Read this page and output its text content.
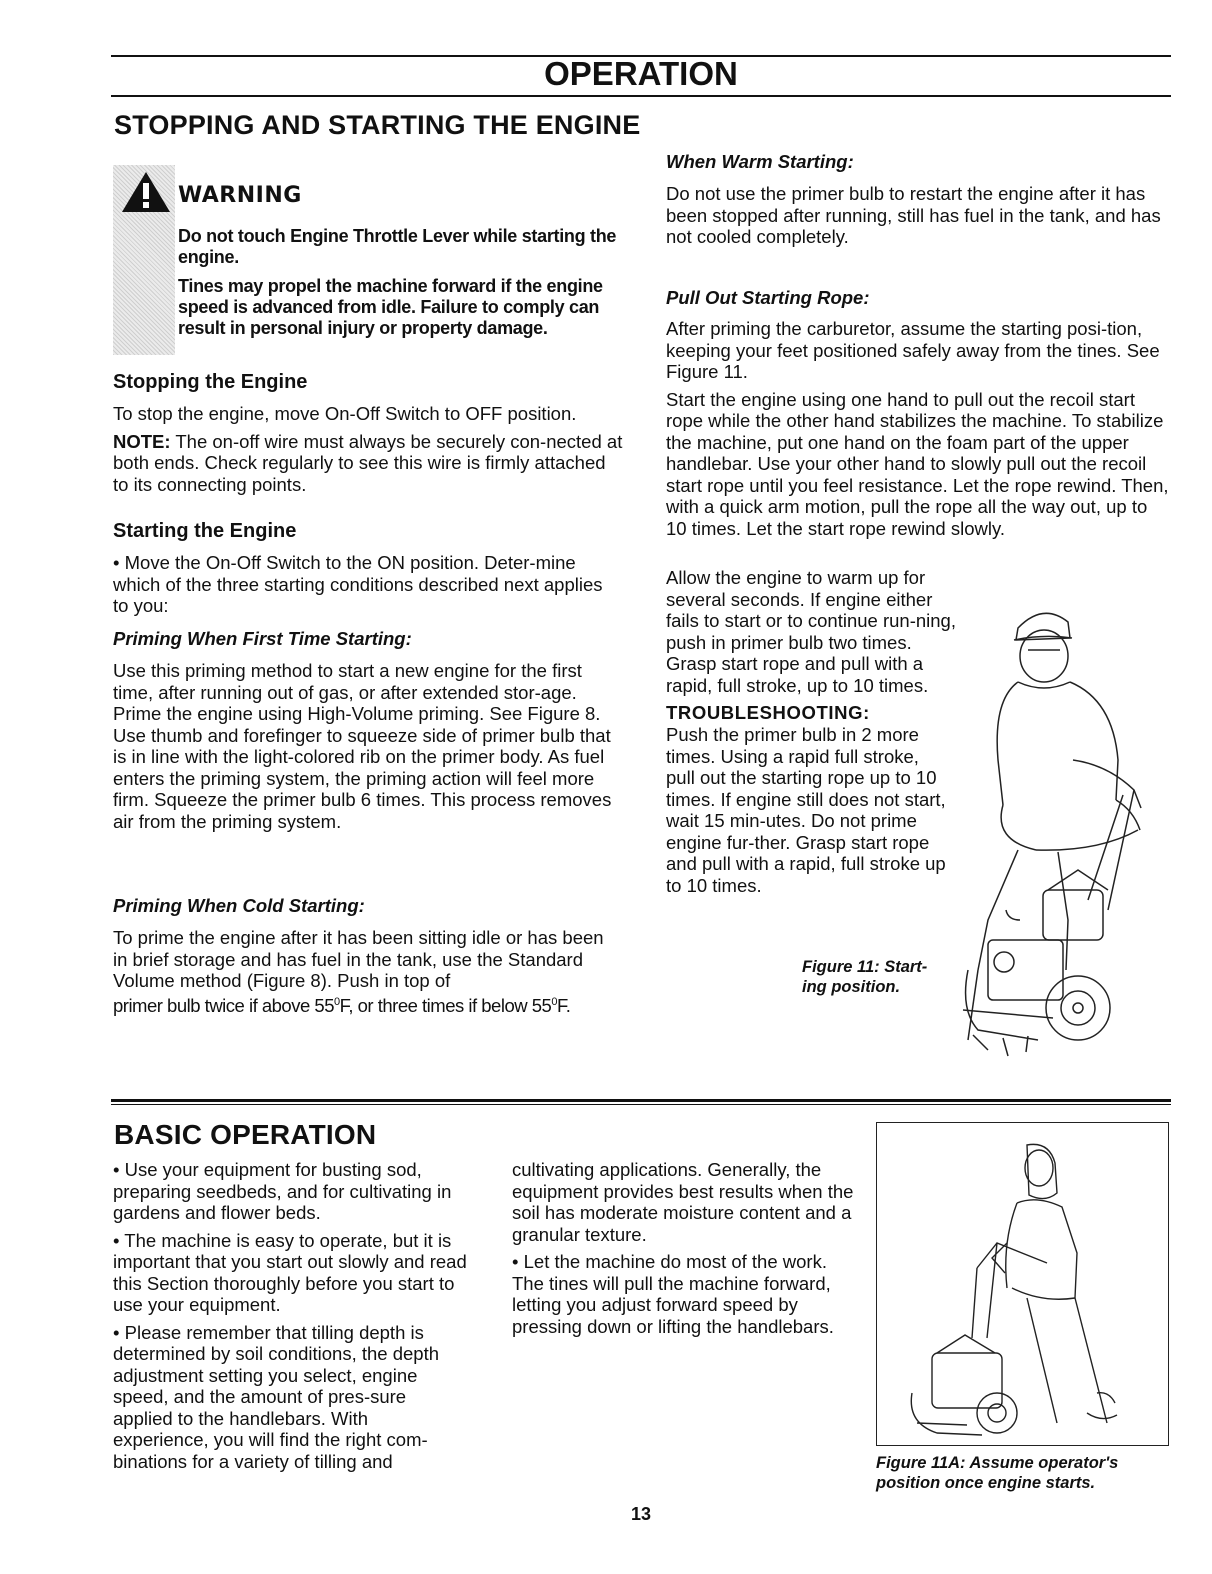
OPERATION
STOPPING AND STARTING THE ENGINE
WARNING

Do not touch Engine Throttle Lever while starting the engine.

Tines may propel the machine forward if the engine speed is advanced from idle. Failure to comply can result in personal injury or property damage.

Stopping the Engine

To stop the engine, move On-Off Switch to OFF position.

NOTE: The on-off wire must always be securely con-nected at both ends. Check regularly to see this wire is firmly attached to its connecting points.

Starting the Engine

• Move the On-Off Switch to the ON position. Deter-mine which of the three starting conditions described next applies to you:

Priming When First Time Starting:

Use this priming method to start a new engine for the first time, after running out of gas, or after extended stor-age. Prime the engine using High-Volume priming. See Figure 8. Use thumb and forefinger to squeeze side of primer bulb that is in line with the light-colored rib on the primer body. As fuel enters the priming system, the priming action will feel more firm. Squeeze the primer bulb 6 times. This process removes air from the priming system.

Priming When Cold Starting:

To prime the engine after it has been sitting idle or has been in brief storage and has fuel in the tank, use the Standard Volume method (Figure 8). Push in top of primer bulb twice if above $55^0F$, or three times if below $55^0F$.

When Warm Starting:

Do not use the primer bulb to restart the engine after it has been stopped after running, still has fuel in the tank, and has not cooled completely.

Pull Out Starting Rope:

After priming the carburetor, assume the starting posi-tion, keeping your feet positioned safely away from the tines. See Figure 11.

Start the engine using one hand to pull out the recoil start rope while the other hand stabilizes the machine. To stabilize the machine, put one hand on the foam part of the upper handlebar. Use your other hand to slowly pull out the recoil start rope until you feel resistance. Let the rope rewind. Then, with a quick arm motion, pull the rope all the way out, up to 10 times. Let the start rope rewind slowly.

Allow the engine to warm up for several seconds. If engine either fails to start or to continue run-ning, push in primer bulb two times. Grasp start rope and pull with a rapid, full stroke, up to 10 times.

TROUBLESHOOTING:

Push the primer bulb in 2 more times. Using a rapid full stroke, pull out the starting rope up to 10 times. If engine still does not start, wait 15 min-utes. Do not prime engine fur-ther. Grasp start rope and pull with a rapid, full stroke up to 10 times.

Figure 11: Start-ing position.
BASIC OPERATION

• Use your equipment for busting sod, preparing seedbeds, and for cultivating in gardens and flower beds.

• The machine is easy to operate, but it is important that you start out slowly and read this Section thoroughly before you start to use your equipment.

• Please remember that tilling depth is determined by soil conditions, the depth adjustment setting you select, engine speed, and the amount of pres-sure applied to the handlebars. With experience, you will find the right com-binations for a variety of tilling and

cultivating applications. Generally, the equipment provides best results when the soil has moderate moisture content and a granular texture.

• Let the machine do most of the work. The tines will pull the machine forward, letting you adjust forward speed by pressing down or lifting the handlebars.

Figure 11A: Assume operator's position once engine starts.
13
